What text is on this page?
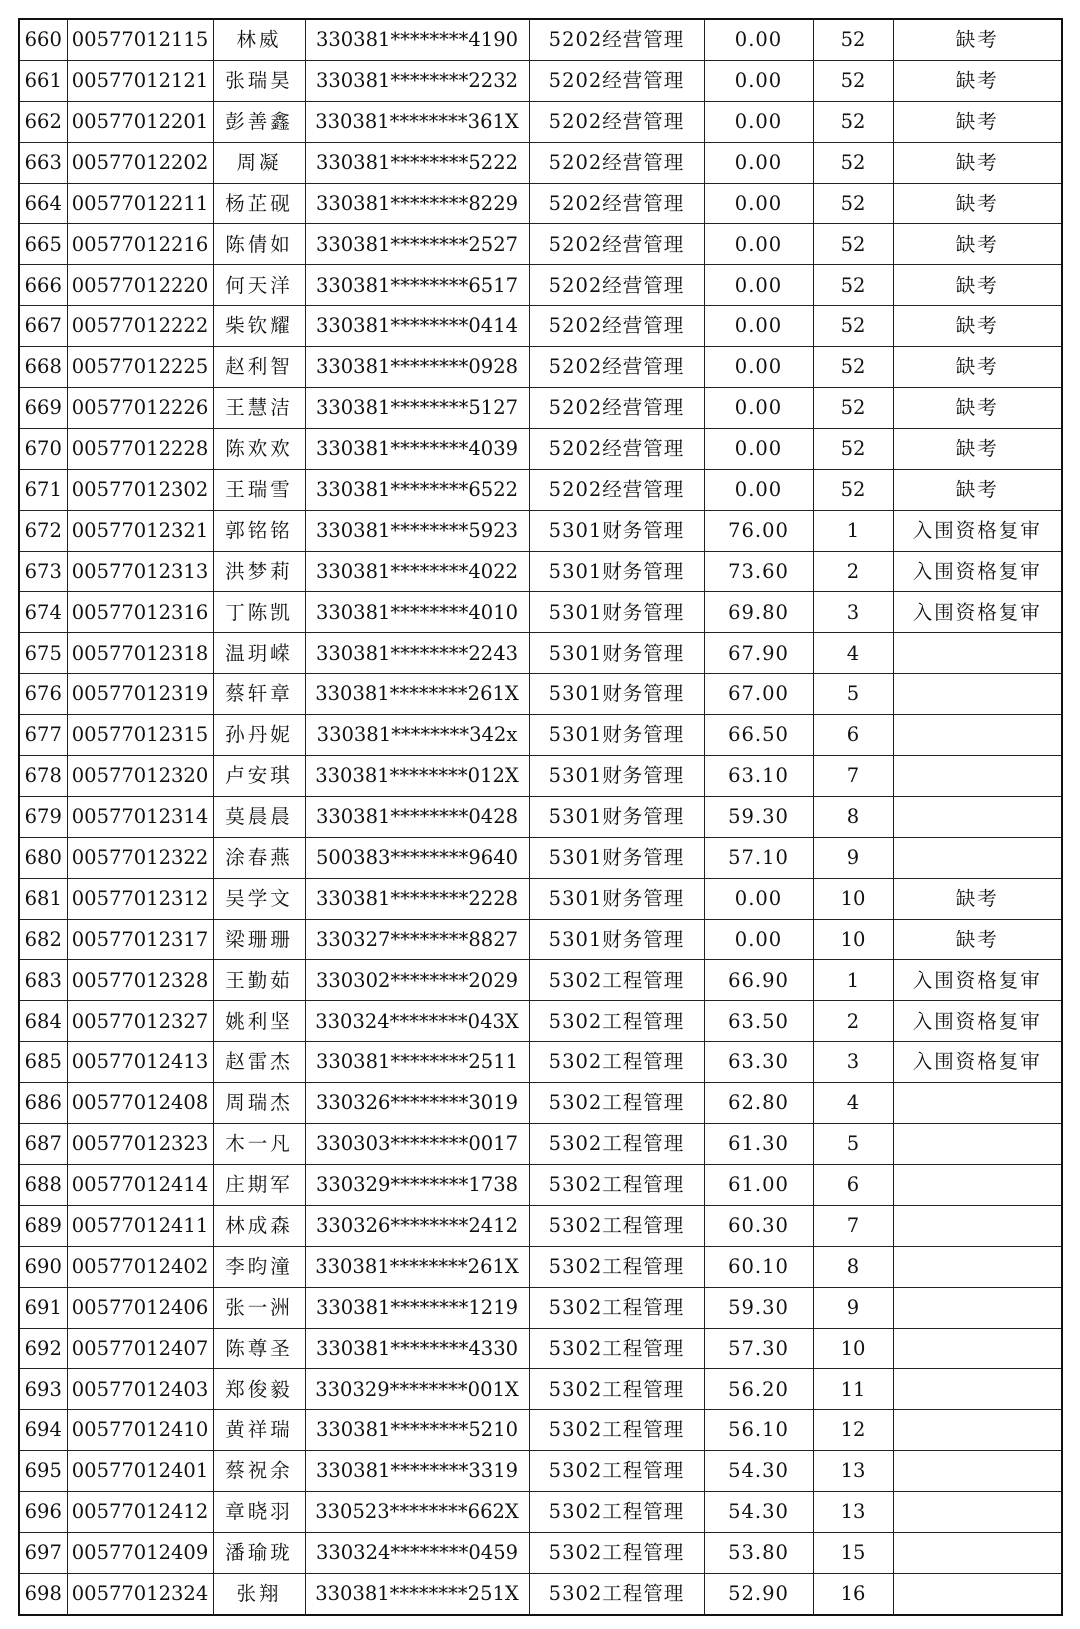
660	00577012115	林威	330381********4190	5202经营管理	0.00	52	缺考
661	00577012121	张瑞昊	330381********2232	5202经营管理	0.00	52	缺考
662	00577012201	彭善鑫	330381********361X	5202经营管理	0.00	52	缺考
663	00577012202	周凝	330381********5222	5202经营管理	0.00	52	缺考
664	00577012211	杨芷砚	330381********8229	5202经营管理	0.00	52	缺考
665	00577012216	陈倩如	330381********2527	5202经营管理	0.00	52	缺考
666	00577012220	何天洋	330381********6517	5202经营管理	0.00	52	缺考
667	00577012222	柴钦耀	330381********0414	5202经营管理	0.00	52	缺考
668	00577012225	赵利智	330381********0928	5202经营管理	0.00	52	缺考
669	00577012226	王慧洁	330381********5127	5202经营管理	0.00	52	缺考
670	00577012228	陈欢欢	330381********4039	5202经营管理	0.00	52	缺考
671	00577012302	王瑞雪	330381********6522	5202经营管理	0.00	52	缺考
672	00577012321	郭铭铭	330381********5923	5301财务管理	76.00	1	入围资格复审
673	00577012313	洪梦莉	330381********4022	5301财务管理	73.60	2	入围资格复审
674	00577012316	丁陈凯	330381********4010	5301财务管理	69.80	3	入围资格复审
675	00577012318	温玥嵘	330381********2243	5301财务管理	67.90	4	
676	00577012319	蔡轩章	330381********261X	5301财务管理	67.00	5	
677	00577012315	孙丹妮	330381********342x	5301财务管理	66.50	6	
678	00577012320	卢安琪	330381********012X	5301财务管理	63.10	7	
679	00577012314	莫晨晨	330381********0428	5301财务管理	59.30	8	
680	00577012322	涂春燕	500383********9640	5301财务管理	57.10	9	
681	00577012312	吴学文	330381********2228	5301财务管理	0.00	10	缺考
682	00577012317	梁珊珊	330327********8827	5301财务管理	0.00	10	缺考
683	00577012328	王勤茹	330302********2029	5302工程管理	66.90	1	入围资格复审
684	00577012327	姚利坚	330324********043X	5302工程管理	63.50	2	入围资格复审
685	00577012413	赵雷杰	330381********2511	5302工程管理	63.30	3	入围资格复审
686	00577012408	周瑞杰	330326********3019	5302工程管理	62.80	4	
687	00577012323	木一凡	330303********0017	5302工程管理	61.30	5	
688	00577012414	庄期军	330329********1738	5302工程管理	61.00	6	
689	00577012411	林成森	330326********2412	5302工程管理	60.30	7	
690	00577012402	李昀潼	330381********261X	5302工程管理	60.10	8	
691	00577012406	张一洲	330381********1219	5302工程管理	59.30	9	
692	00577012407	陈尊圣	330381********4330	5302工程管理	57.30	10	
693	00577012403	郑俊毅	330329********001X	5302工程管理	56.20	11	
694	00577012410	黄祥瑞	330381********5210	5302工程管理	56.10	12	
695	00577012401	蔡祝余	330381********3319	5302工程管理	54.30	13	
696	00577012412	章晓羽	330523********662X	5302工程管理	54.30	13	
697	00577012409	潘瑜珑	330324********0459	5302工程管理	53.80	15	
698	00577012324	张翔	330381********251X	5302工程管理	52.90	16	
